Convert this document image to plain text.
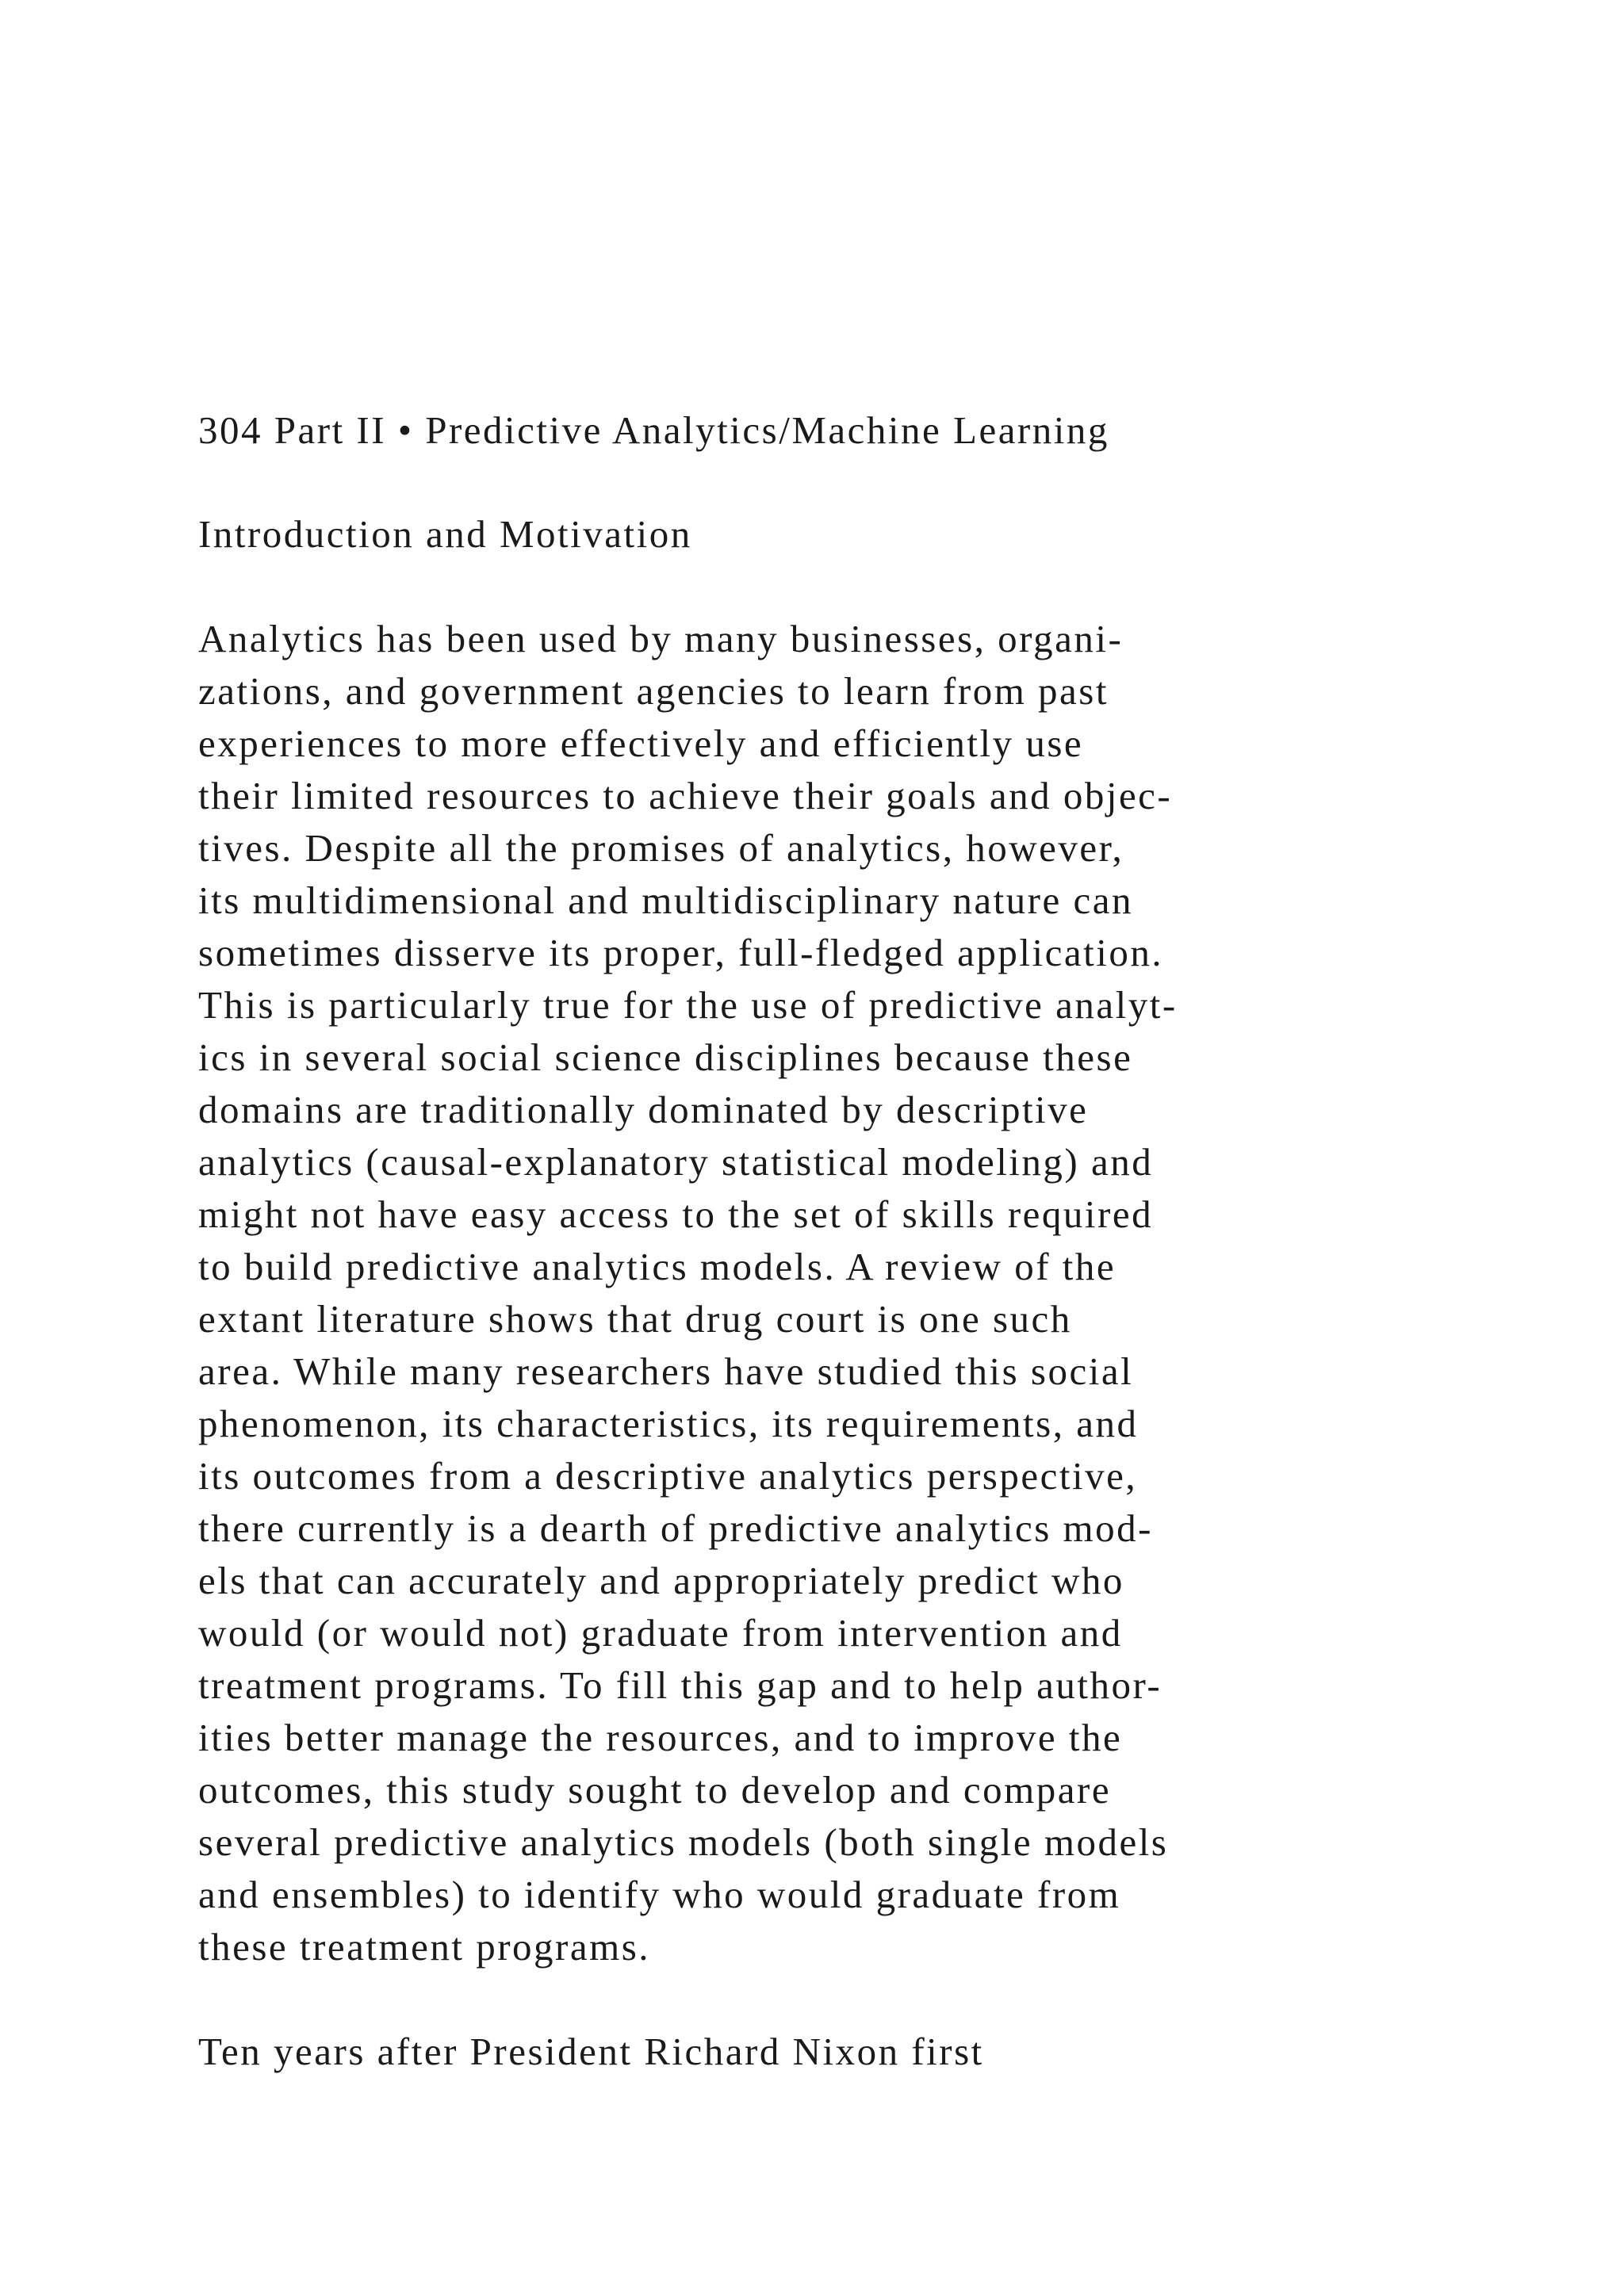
304 Part II • Predictive Analytics/Machine Learning
Introduction and Motivation
Analytics has been used by many businesses, organi-
zations, and government agencies to learn from past
experiences to more effectively and efficiently use
their limited resources to achieve their goals and objec-
tives. Despite all the promises of analytics, however,
its multidimensional and multidisciplinary nature can
sometimes disserve its proper, full-fledged application.
This is particularly true for the use of predictive analyt-
ics in several social science disciplines because these
domains are traditionally dominated by descriptive
analytics (causal-explanatory statistical modeling) and
might not have easy access to the set of skills required
to build predictive analytics models. A review of the
extant literature shows that drug court is one such
area. While many researchers have studied this social
phenomenon, its characteristics, its requirements, and
its outcomes from a descriptive analytics perspective,
there currently is a dearth of predictive analytics mod-
els that can accurately and appropriately predict who
would (or would not) graduate from intervention and
treatment programs. To fill this gap and to help author-
ities better manage the resources, and to improve the
outcomes, this study sought to develop and compare
several predictive analytics models (both single models
and ensembles) to identify who would graduate from
these treatment programs.
Ten years after President Richard Nixon first
